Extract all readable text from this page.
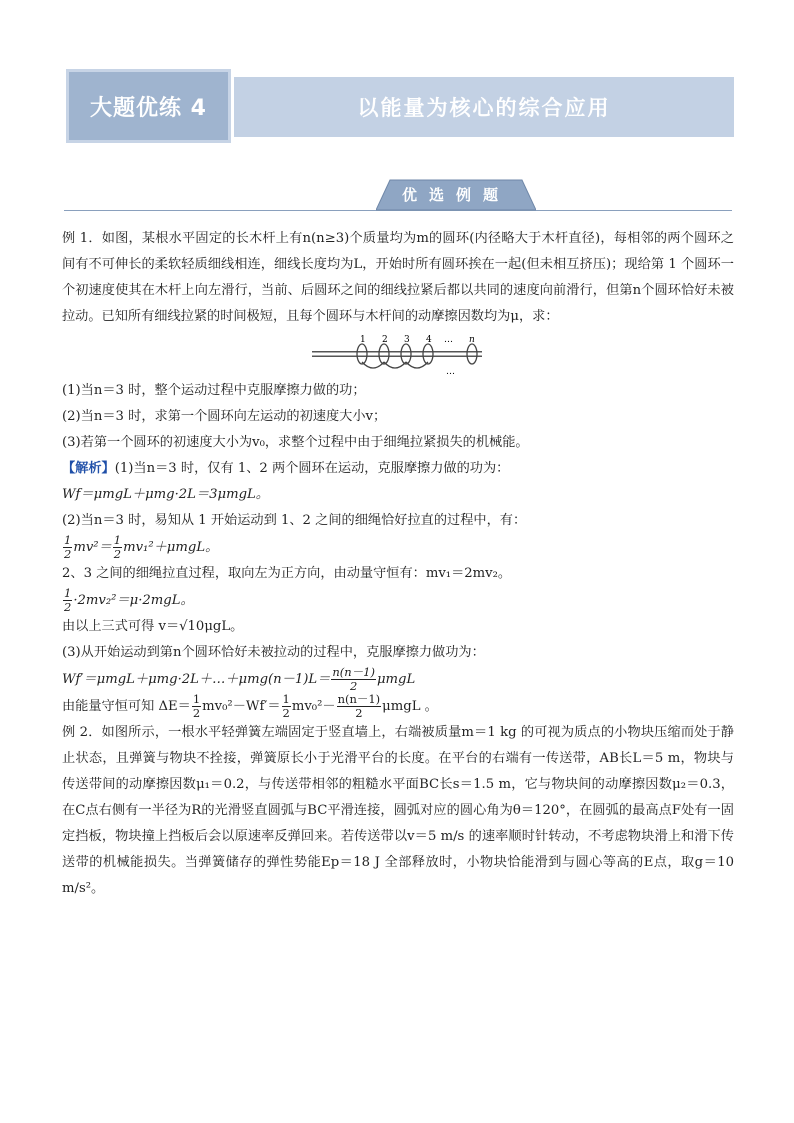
大题优练 4	以能量为核心的综合应用
优选例题

例 1．如图，某根水平固定的长木杆上有n(n≥3)个质量均为m的圆环(内径略大于木杆直径)，每相邻的两个圆环之间有不可伸长的柔软轻质细线相连，细线长度均为L，开始时所有圆环挨在一起(但未相互挤压)；现给第 1 个圆环一个初速度使其在木杆上向左滑行，当前、后圆环之间的细线拉紧后都以共同的速度向前滑行，但第n个圆环恰好未被拉动。已知所有细线拉紧的时间极短，且每个圆环与木杆间的动摩擦因数均为μ，求：

1 2 3 4 … n
…

(1)当n＝3 时，整个运动过程中克服摩擦力做的功；

(2)当n＝3 时，求第一个圆环向左运动的初速度大小v；

(3)若第一个圆环的初速度大小为v₀，求整个过程中由于细绳拉紧损失的机械能。

【解析】(1)当n＝3 时，仅有 1、2 两个圆环在运动，克服摩擦力做的功为：

Wf＝μmgL＋μmg·2L＝3μmgL。

(2)当n＝3 时，易知从 1 开始运动到 1、2 之间的细绳恰好拉直的过程中，有：

$\frac{1}{2} mv^2= \frac{1}{2} mv_1^2+\mu mgL$。

2、3 之间的细绳拉直过程，取向左为正方向，由动量守恒有：mv₁＝2mv₂。

$\frac{1}{2} \cdot 2mv_2^2=\mu\cdot 2mgL$。

由以上三式可得 v＝√10μgL。

(3)从开始运动到第n个圆环恰好未被拉动的过程中，克服摩擦力做功为：

Wf′＝μmgL＋μmg·2L＋…＋μmg(n－1)L＝ $\frac{n(n-1)}{2}$ μmgL

由能量守恒可知 $\Delta E= \frac{1}{2} mv_0^2-Wf'= \frac{1}{2} mv_0^2- \frac{n(n-1)}{2}$ μmgL 。

例 2．如图所示，一根水平轻弹簧左端固定于竖直墙上，右端被质量m＝1 kg 的可视为质点的小物块压缩而处于静止状态，且弹簧与物块不拴接，弹簧原长小于光滑平台的长度。在平台的右端有一传送带，AB长L＝5 m，物块与传送带间的动摩擦因数μ₁＝0.2，与传送带相邻的粗糙水平面BC长s＝1.5 m，它与物块间的动摩擦因数μ₂＝0.3，在C点右侧有一半径为R的光滑竖直圆弧与BC平滑连接，圆弧对应的圆心角为θ＝120°，在圆弧的最高点F处有一固定挡板，物块撞上挡板后会以原速率反弹回来。若传送带以v＝5 m/s 的速率顺时针转动，不考虑物块滑上和滑下传送带的机械能损失。当弹簧储存的弹性势能Ep＝18 J 全部释放时，小物块恰能滑到与圆心等高的E点，取g＝10 m/s²。
